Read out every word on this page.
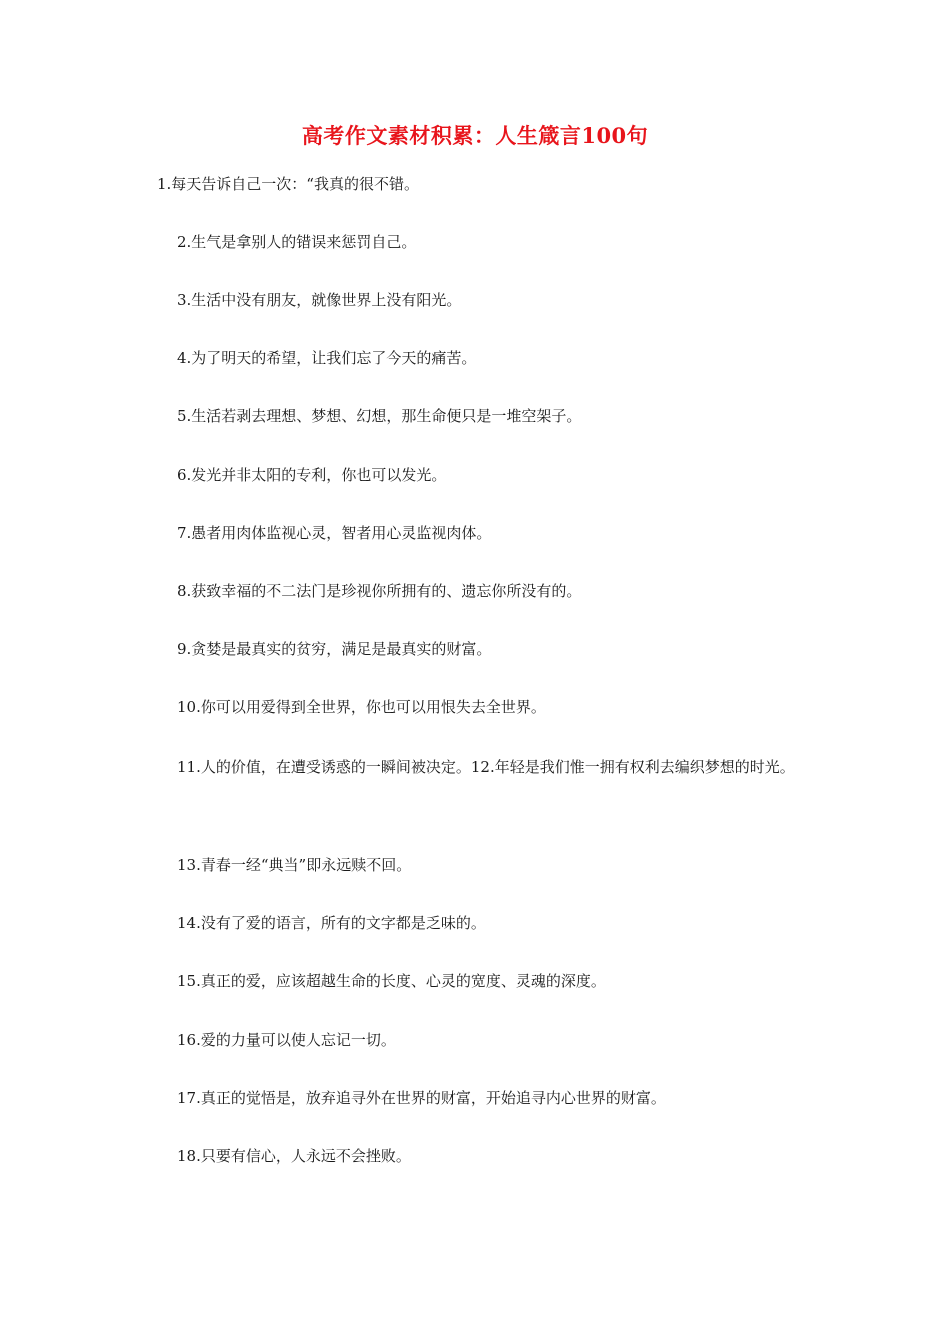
高考作文素材积累：人生箴言100句
1.每天告诉自己一次：“我真的很不错。
2.生气是拿别人的错误来惩罚自己。
3.生活中没有朋友，就像世界上没有阳光。
4.为了明天的希望，让我们忘了今天的痛苦。
5.生活若剥去理想、梦想、幻想，那生命便只是一堆空架子。
6.发光并非太阳的专利，你也可以发光。
7.愚者用肉体监视心灵，智者用心灵监视肉体。
8.获致幸福的不二法门是珍视你所拥有的、遗忘你所没有的。
9.贪婪是最真实的贫穷，满足是最真实的财富。
10.你可以用爱得到全世界，你也可以用恨失去全世界。
11.人的价值，在遭受诱惑的一瞬间被决定。12.年轻是我们惟一拥有权利去编织梦想的时光。
13.青春一经“典当”即永远赎不回。
14.没有了爱的语言，所有的文字都是乏味的。
15.真正的爱，应该超越生命的长度、心灵的宽度、灵魂的深度。
16.爱的力量可以使人忘记一切。
17.真正的觉悟是，放弃追寻外在世界的财富，开始追寻内心世界的财富。
18.只要有信心，人永远不会挫败。
